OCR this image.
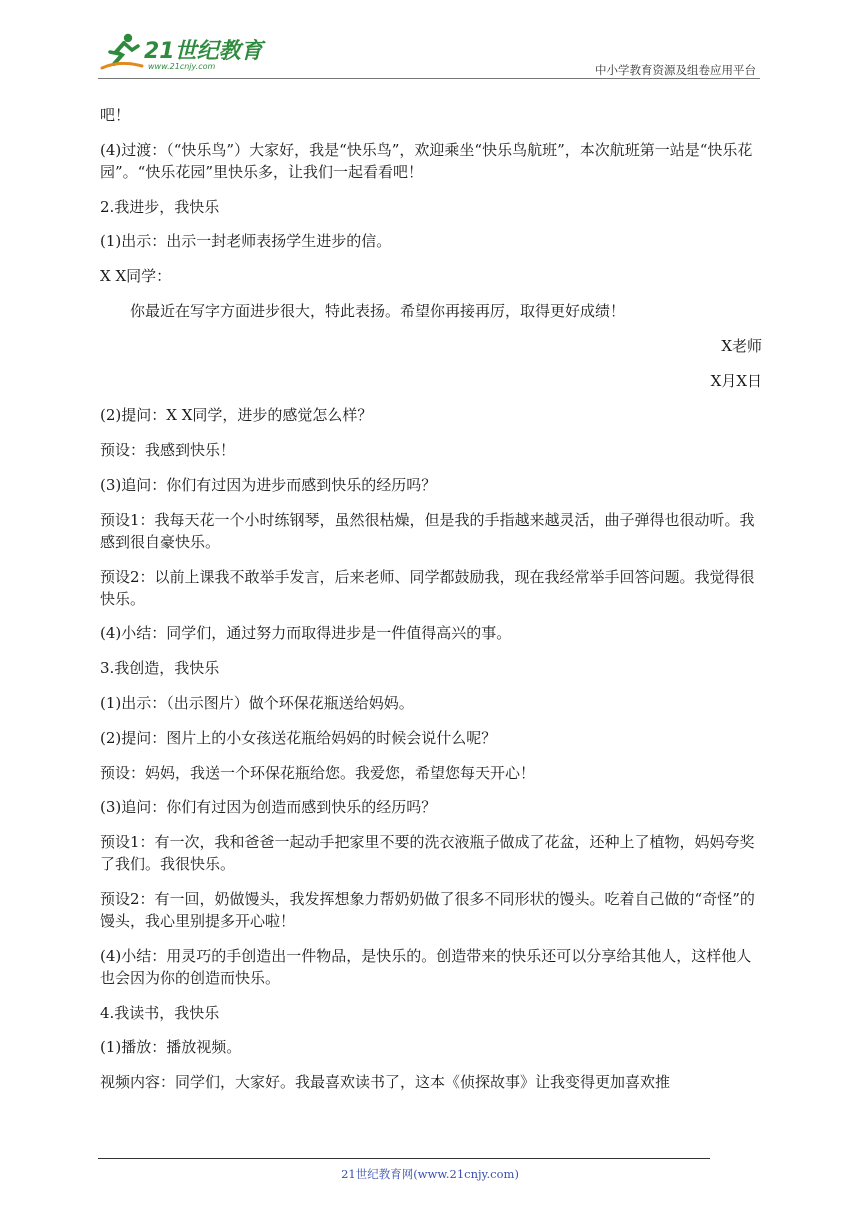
21世纪教育
www.21cnjy.com	中小学教育资源及组卷应用平台

吧！

(4)过渡：（“快乐鸟”）大家好，我是“快乐鸟”，欢迎乘坐“快乐鸟航班”，本次航班第一站是“快乐花园”。“快乐花园”里快乐多，让我们一起看看吧！

2.我进步，我快乐

(1)出示：出示一封老师表扬学生进步的信。

X X同学：

你最近在写字方面进步很大，特此表扬。希望你再接再厉，取得更好成绩！

X老师

X月X日

(2)提问：X X同学，进步的感觉怎么样？

预设：我感到快乐！

(3)追问：你们有过因为进步而感到快乐的经历吗？

预设1：我每天花一个小时练钢琴，虽然很枯燥，但是我的手指越来越灵活，曲子弹得也很动听。我感到很自豪快乐。

预设2：以前上课我不敢举手发言，后来老师、同学都鼓励我，现在我经常举手回答问题。我觉得很快乐。

(4)小结：同学们，通过努力而取得进步是一件值得高兴的事。

3.我创造，我快乐

(1)出示：（出示图片）做个环保花瓶送给妈妈。

(2)提问：图片上的小女孩送花瓶给妈妈的时候会说什么呢？

预设：妈妈，我送一个环保花瓶给您。我爱您，希望您每天开心！

(3)追问：你们有过因为创造而感到快乐的经历吗？

预设1：有一次，我和爸爸一起动手把家里不要的洗衣液瓶子做成了花盆，还种上了植物，妈妈夸奖了我们。我很快乐。

预设2：有一回，奶做馒头，我发挥想象力帮奶奶做了很多不同形状的馒头。吃着自己做的“奇怪”的馒头，我心里别提多开心啦！

(4)小结：用灵巧的手创造出一件物品，是快乐的。创造带来的快乐还可以分享给其他人，这样他人也会因为你的创造而快乐。

4.我读书，我快乐

(1)播放：播放视频。

视频内容：同学们，大家好。我最喜欢读书了，这本《侦探故事》让我变得更加喜欢推

21世纪教育网(www.21cnjy.com)
